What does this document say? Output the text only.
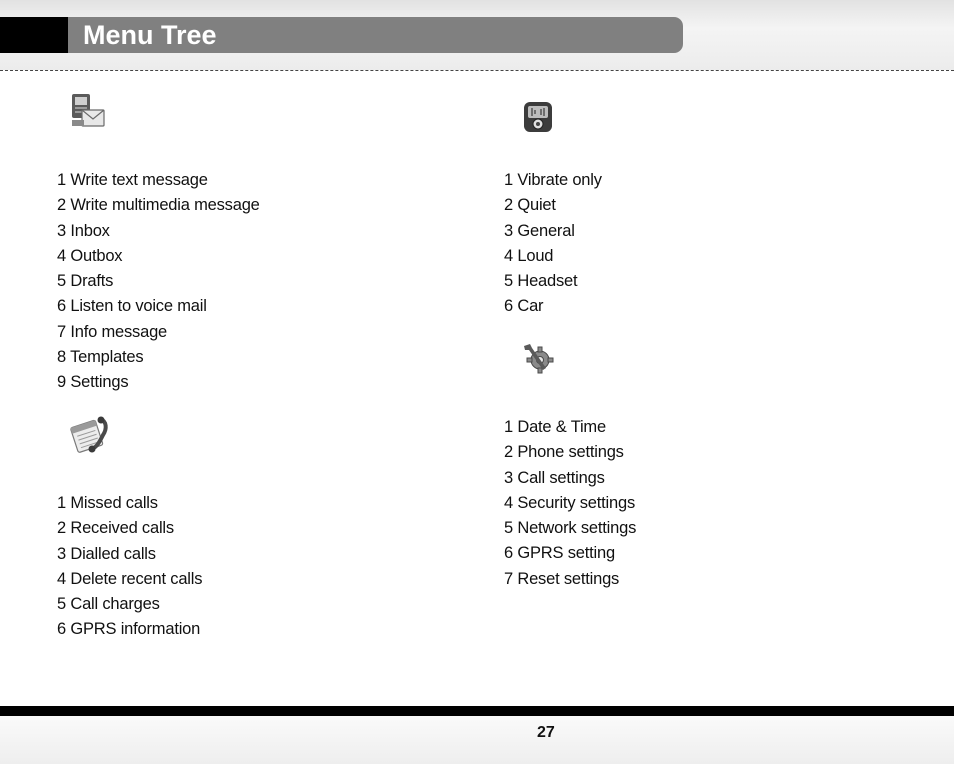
Menu Tree
1 Write text message
2 Write multimedia message
3 Inbox
4 Outbox
5 Drafts
6 Listen to voice mail
7 Info message
8 Templates
9 Settings
1 Missed calls
2 Received calls
3 Dialled calls
4 Delete recent calls
5 Call charges
6 GPRS information
1 Vibrate only
2 Quiet
3 General
4 Loud
5 Headset
6 Car
1 Date & Time
2 Phone settings
3 Call settings
4 Security settings
5 Network settings
6 GPRS setting
7 Reset settings
27
